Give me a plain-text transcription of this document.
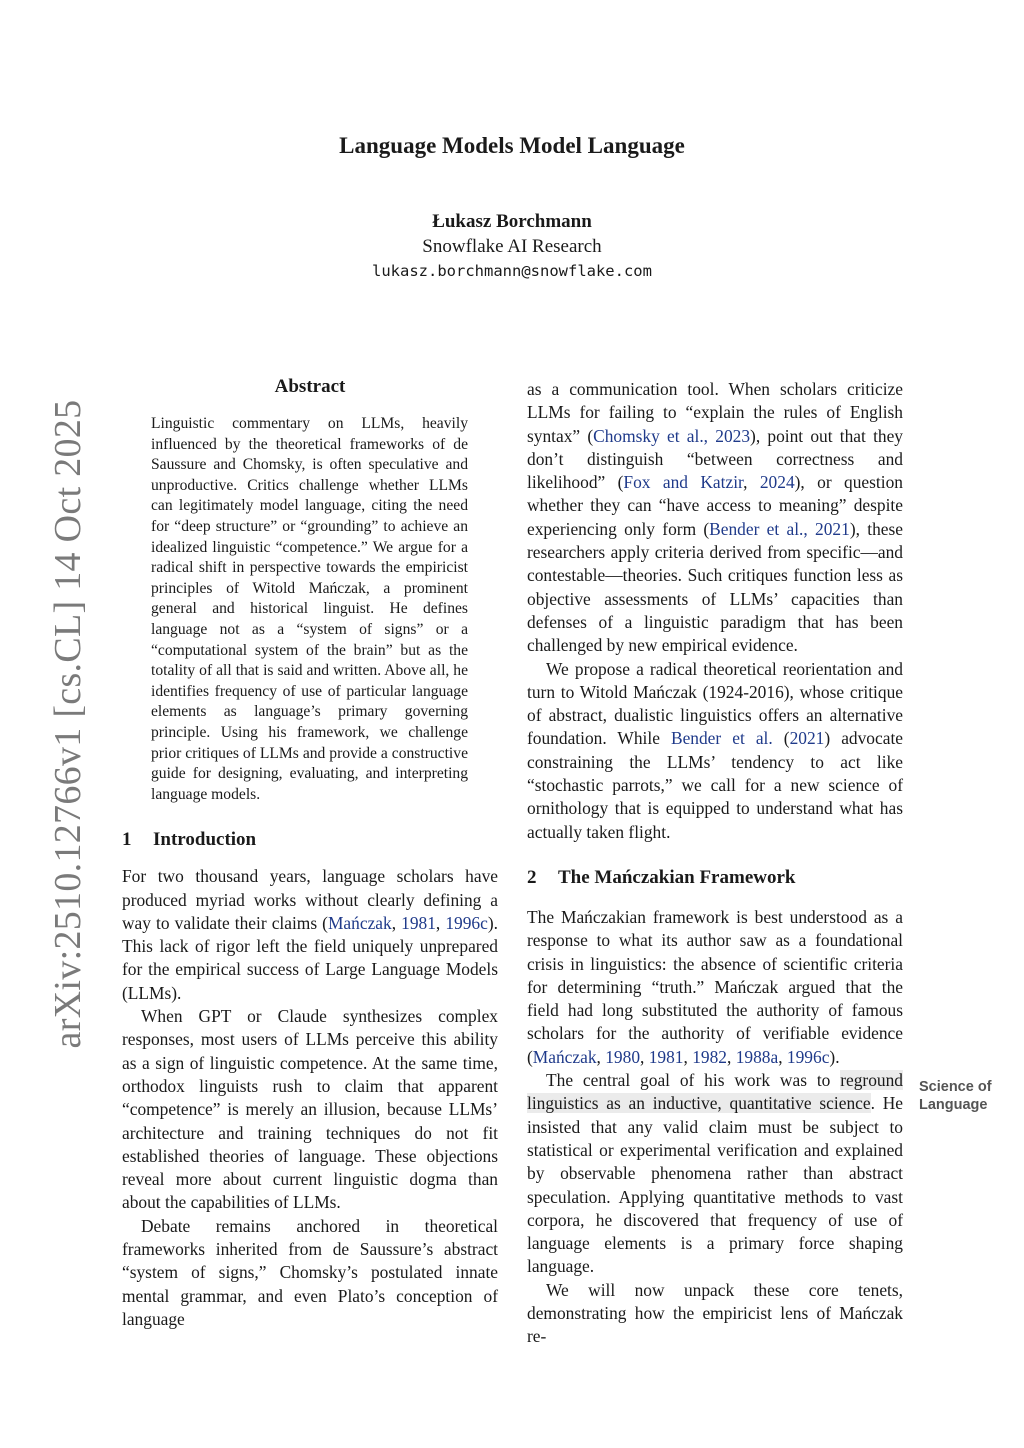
Language Models Model Language
Łukasz Borchmann
Snowflake AI Research
lukasz.borchmann@snowflake.com
arXiv:2510.12766v1 [cs.CL] 14 Oct 2025
Abstract
Linguistic commentary on LLMs, heavily influenced by the theoretical frameworks of de Saussure and Chomsky, is often speculative and unproductive. Critics challenge whether LLMs can legitimately model language, citing the need for “deep structure” or “grounding” to achieve an idealized linguistic “competence.” We argue for a radical shift in perspective towards the empiricist principles of Witold Mańczak, a prominent general and historical linguist. He defines language not as a “system of signs” or a “computational system of the brain” but as the totality of all that is said and written. Above all, he identifies frequency of use of particular language elements as language’s primary governing principle. Using his framework, we challenge prior critiques of LLMs and provide a constructive guide for designing, evaluating, and interpreting language models.
1 Introduction

For two thousand years, language scholars have produced myriad works without clearly defining a way to validate their claims (Mańczak, 1981, 1996c). This lack of rigor left the field uniquely unprepared for the empirical success of Large Language Models (LLMs).

When GPT or Claude synthesizes complex responses, most users of LLMs perceive this ability as a sign of linguistic competence. At the same time, orthodox linguists rush to claim that apparent “competence” is merely an illusion, because LLMs’ architecture and training techniques do not fit established theories of language. These objections reveal more about current linguistic dogma than about the capabilities of LLMs.

Debate remains anchored in theoretical frameworks inherited from de Saussure’s abstract “system of signs,” Chomsky’s postulated innate mental grammar, and even Plato’s conception of language

as a communication tool. When scholars criticize LLMs for failing to “explain the rules of English syntax” (Chomsky et al., 2023), point out that they don’t distinguish “between correctness and likelihood” (Fox and Katzir, 2024), or question whether they can “have access to meaning” despite experiencing only form (Bender et al., 2021), these researchers apply criteria derived from specific—and contestable—theories. Such critiques function less as objective assessments of LLMs’ capacities than defenses of a linguistic paradigm that has been challenged by new empirical evidence.

We propose a radical theoretical reorientation and turn to Witold Mańczak (1924-2016), whose critique of abstract, dualistic linguistics offers an alternative foundation. While Bender et al. (2021) advocate constraining the LLMs’ tendency to act like “stochastic parrots,” we call for a new science of ornithology that is equipped to understand what has actually taken flight.

2 The Mańczakian Framework

The Mańczakian framework is best understood as a response to what its author saw as a foundational crisis in linguistics: the absence of scientific criteria for determining “truth.” Mańczak argued that the field had long substituted the authority of famous scholars for the authority of verifiable evidence (Mańczak, 1980, 1981, 1982, 1988a, 1996c).

The central goal of his work was to reground linguistics as an inductive, quantitative science. He insisted that any valid claim must be subject to statistical or experimental verification and explained by observable phenomena rather than abstract speculation. Applying quantitative methods to vast corpora, he discovered that frequency of use of language elements is a primary force shaping language.

We will now unpack these core tenets, demonstrating how the empiricist lens of Mańczak re-

Science of Language
